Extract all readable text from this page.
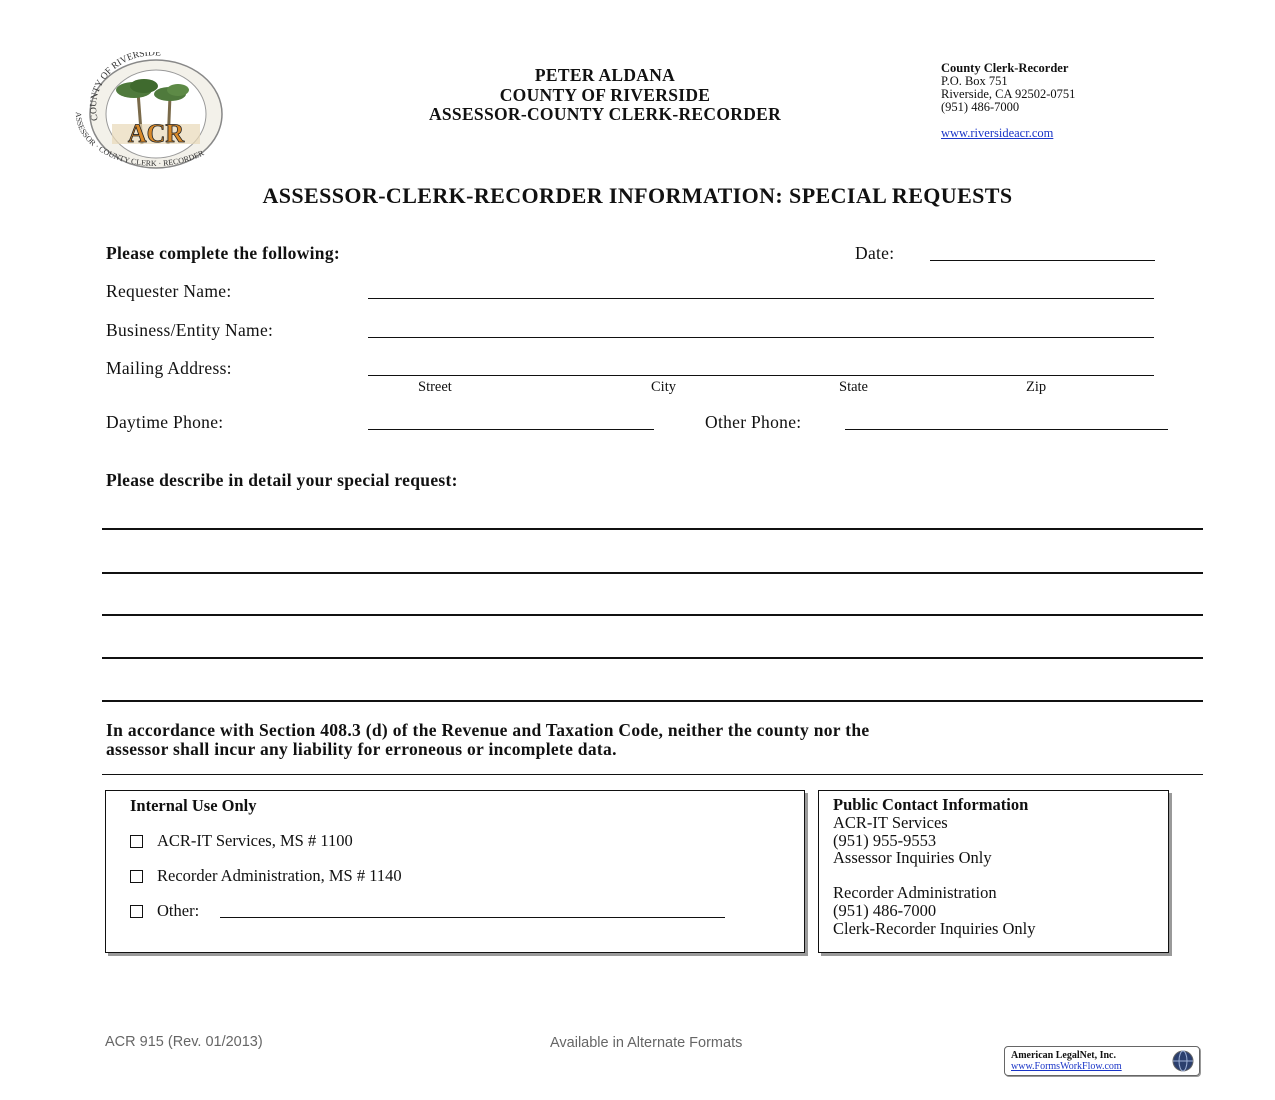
COUNTY OF RIVERSIDE
ASSESSOR · COUNTY CLERK · RECORDER
ACR
PETER ALDANA
COUNTY OF RIVERSIDE
ASSESSOR-COUNTY CLERK-RECORDER
County Clerk-Recorder
P.O. Box 751
Riverside, CA 92502-0751
(951) 486-7000
www.riversideacr.com
ASSESSOR-CLERK-RECORDER INFORMATION: SPECIAL REQUESTS
Please complete the following:	Date:
Requester Name:
Business/Entity Name:
Mailing Address:
Street	City	State	Zip
Daytime Phone:	Other Phone:
Please describe in detail your special request:
In accordance with Section 408.3 (d) of the Revenue and Taxation Code, neither the county nor the
assessor shall incur any liability for erroneous or incomplete data.
Internal Use Only
ACR-IT Services, MS # 1100
Recorder Administration, MS # 1140
Other:
Public Contact Information
ACR-IT Services
(951) 955-9553
Assessor Inquiries Only
Recorder Administration
(951) 486-7000
Clerk-Recorder Inquiries Only
ACR 915 (Rev. 01/2013)	Available in Alternate Formats
American LegalNet, Inc.
www.FormsWorkFlow.com
